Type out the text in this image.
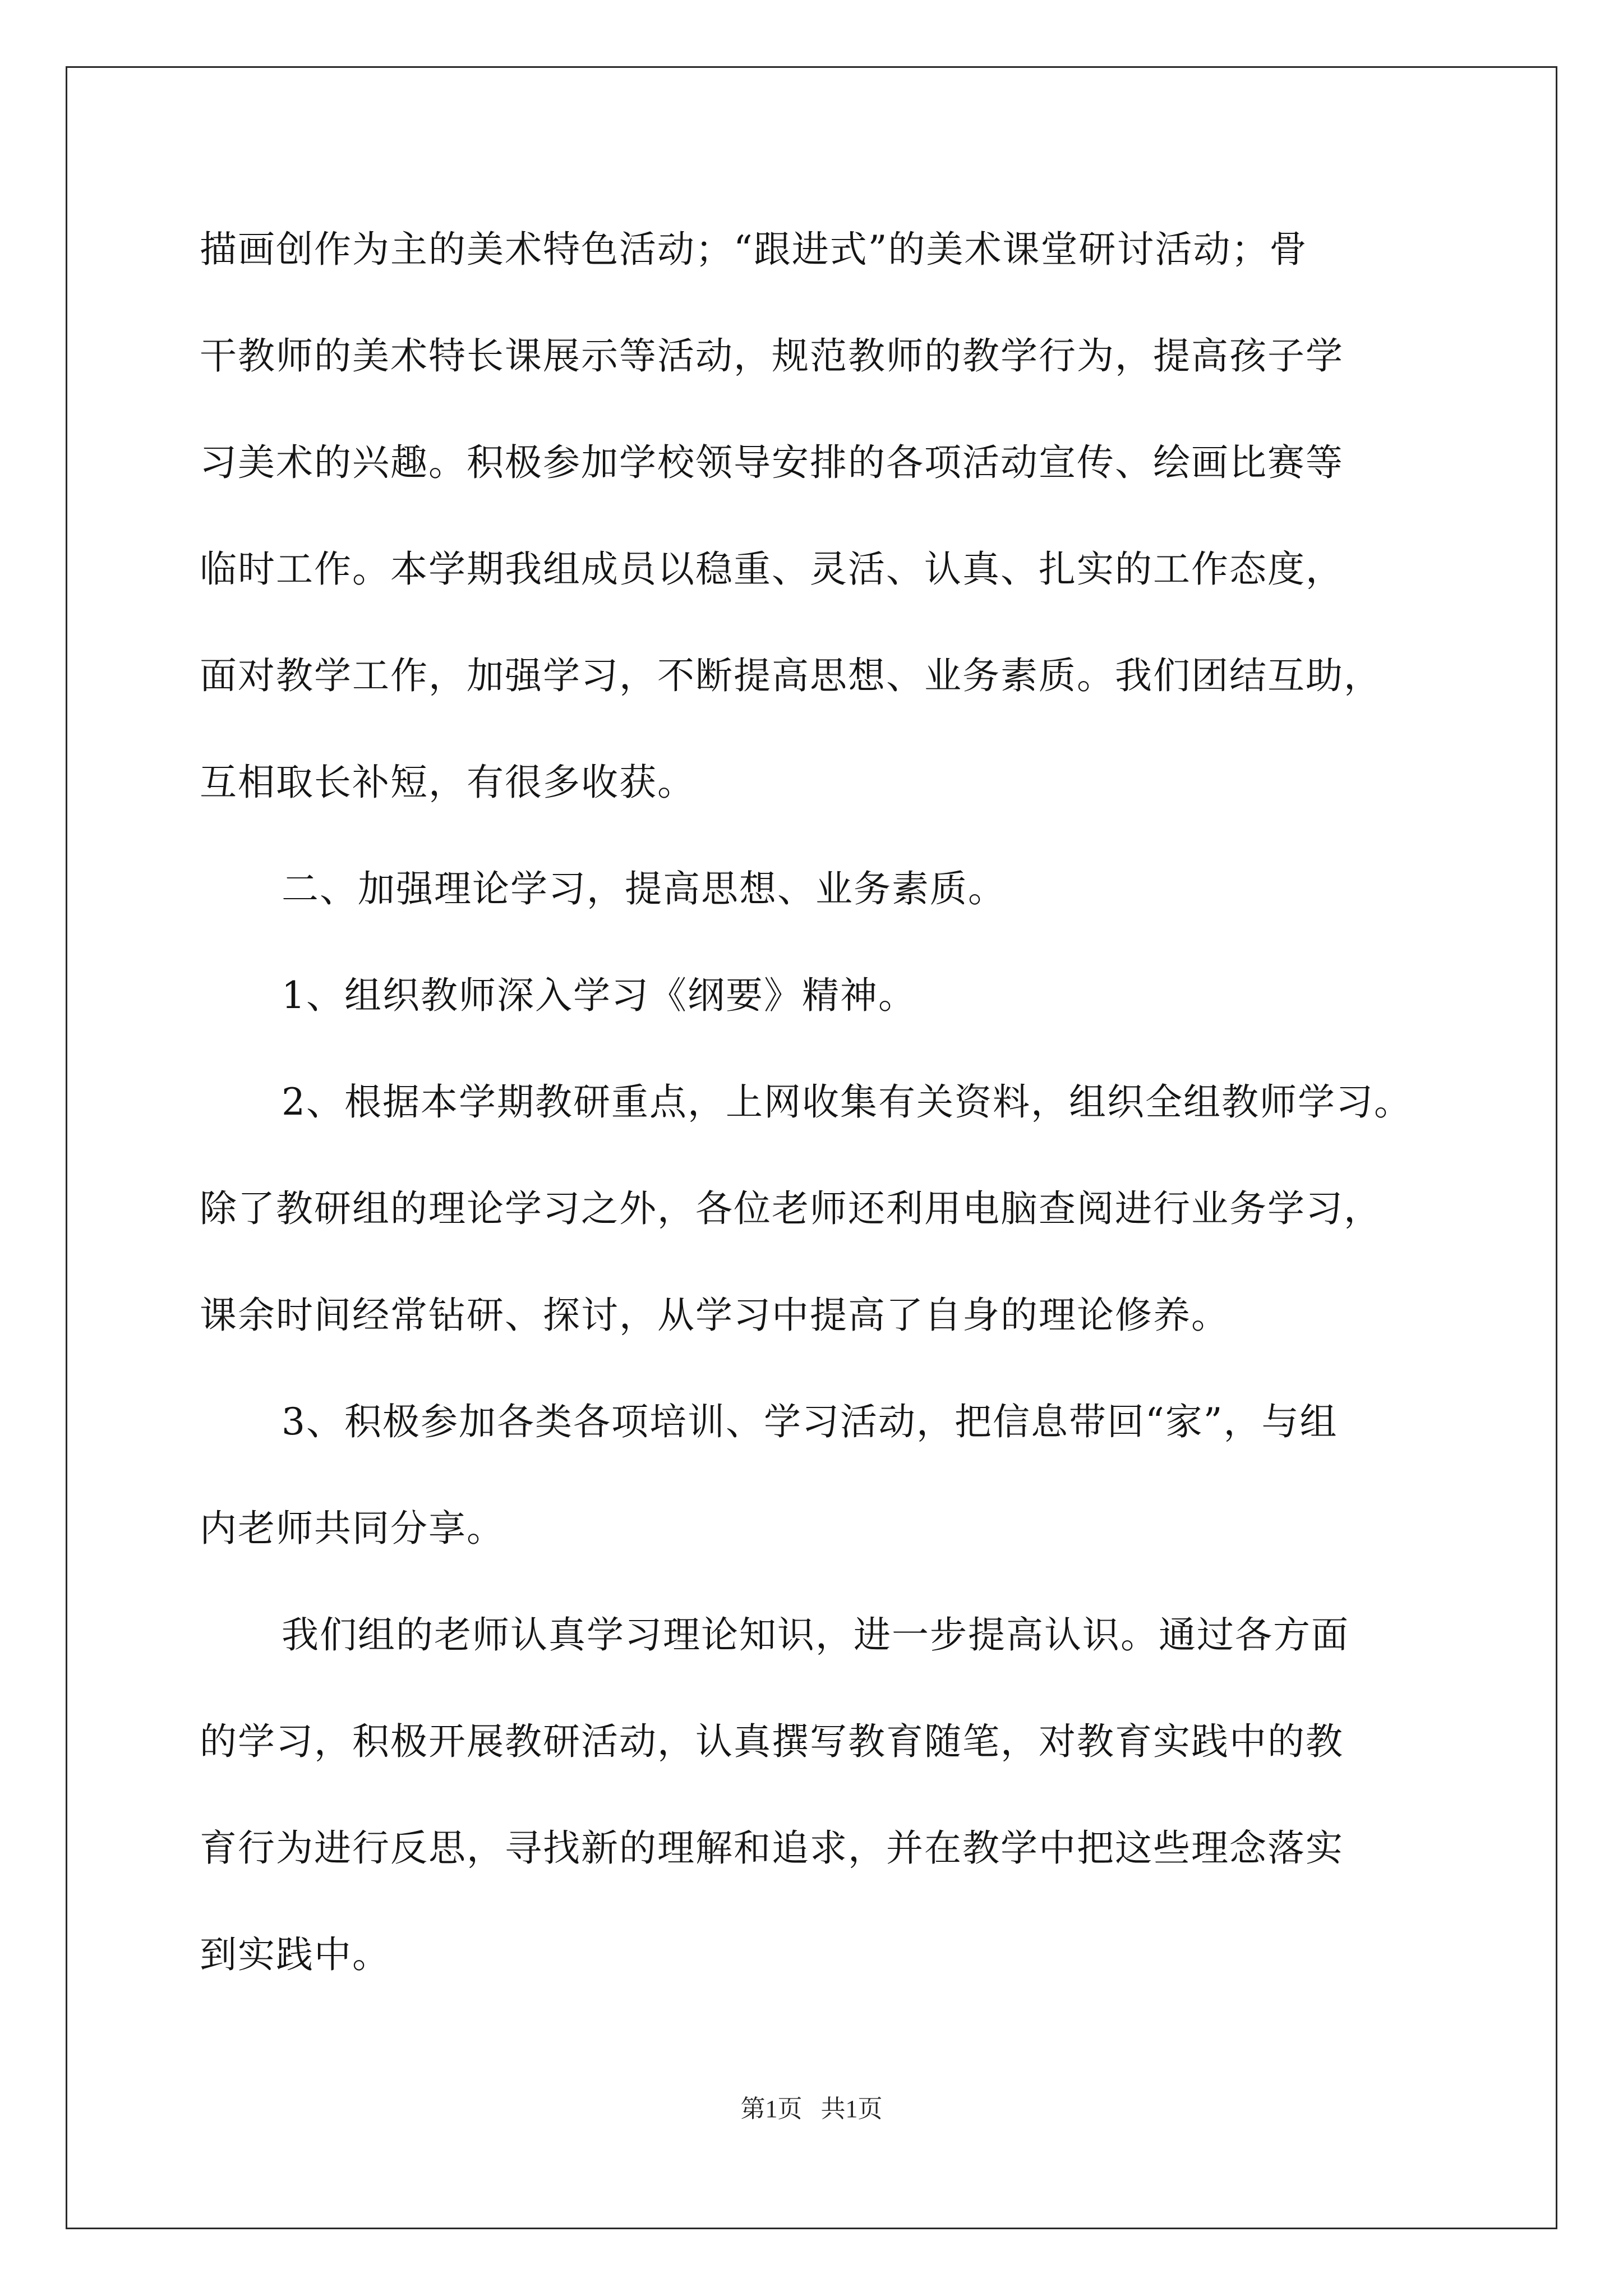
描画创作为主的美术特色活动；“跟进式”的美术课堂研讨活动；骨
干教师的美术特长课展示等活动，规范教师的教学行为，提高孩子学
习美术的兴趣。积极参加学校领导安排的各项活动宣传、绘画比赛等
临时工作。本学期我组成员以稳重、灵活、认真、扎实的工作态度，
面对教学工作，加强学习，不断提高思想、业务素质。我们团结互助，
互相取长补短，有很多收获。
二、加强理论学习，提高思想、业务素质。
1、组织教师深入学习《纲要》精神。
2、根据本学期教研重点，上网收集有关资料，组织全组教师学习。
除了教研组的理论学习之外，各位老师还利用电脑查阅进行业务学习，
课余时间经常钻研、探讨，从学习中提高了自身的理论修养。
3、积极参加各类各项培训、学习活动，把信息带回“家”，与组
内老师共同分享。
我们组的老师认真学习理论知识，进一步提高认识。通过各方面
的学习，积极开展教研活动，认真撰写教育随笔，对教育实践中的教
育行为进行反思，寻找新的理解和追求，并在教学中把这些理念落实
到实践中。
第1页   共1页
